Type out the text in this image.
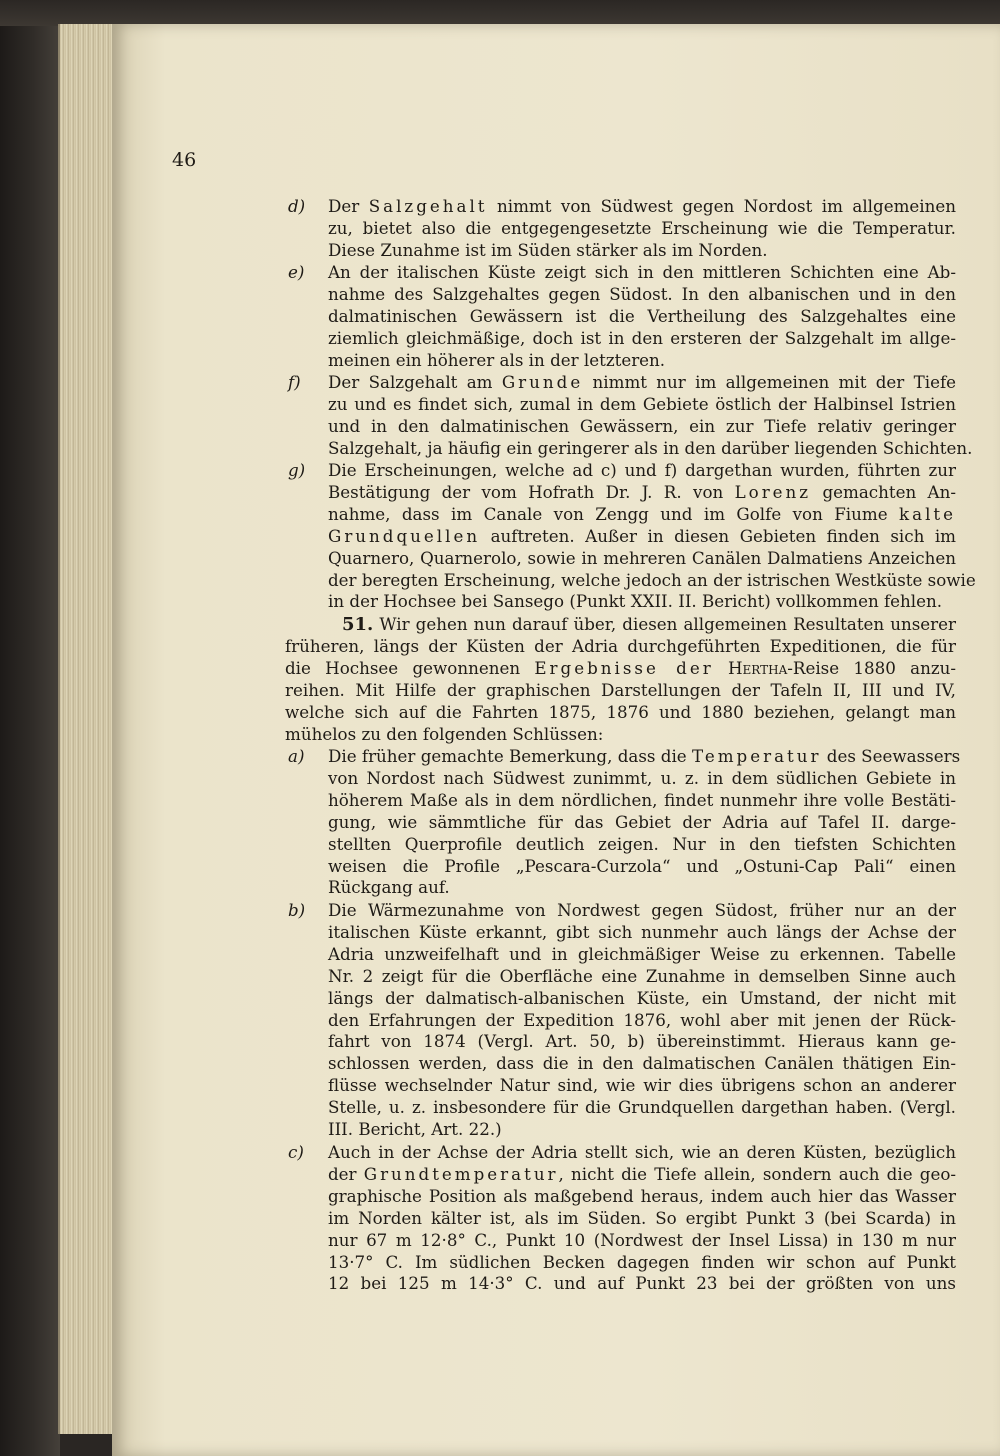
46
d)	Der Salzgehalt nimmt von Südwest gegen Nordost im allgemeinen
zu, bietet also die entgegengesetzte Erscheinung wie die Temperatur.
Diese Zunahme ist im Süden stärker als im Norden.
e)	An der italischen Küste zeigt sich in den mittleren Schichten eine Ab-
nahme des Salzgehaltes gegen Südost. In den albanischen und in den
dalmatinischen Gewässern ist die Vertheilung des Salzgehaltes eine
ziemlich gleichmäßige, doch ist in den ersteren der Salzgehalt im allge-
meinen ein höherer als in der letzteren.
f)	Der Salzgehalt am Grunde nimmt nur im allgemeinen mit der Tiefe
zu und es findet sich, zumal in dem Gebiete östlich der Halbinsel Istrien
und in den dalmatinischen Gewässern, ein zur Tiefe relativ geringer
Salzgehalt, ja häufig ein geringerer als in den darüber liegenden Schichten.
g)	Die Erscheinungen, welche ad c) und f) dargethan wurden, führten zur
Bestätigung der vom Hofrath Dr. J. R. von Lorenz gemachten An-
nahme, dass im Canale von Zengg und im Golfe von Fiume kalte
Grundquellen auftreten. Außer in diesen Gebieten finden sich im
Quarnero, Quarnerolo, sowie in mehreren Canälen Dalmatiens Anzeichen
der beregten Erscheinung, welche jedoch an der istrischen Westküste sowie
in der Hochsee bei Sansego (Punkt XXII. II. Bericht) vollkommen fehlen.
51. Wir gehen nun darauf über, diesen allgemeinen Resultaten unserer
früheren, längs der Küsten der Adria durchgeführten Expeditionen, die für
die Hochsee gewonnenen Ergebnisse der Hertha-Reise 1880 anzu-
reihen. Mit Hilfe der graphischen Darstellungen der Tafeln II, III und IV,
welche sich auf die Fahrten 1875, 1876 und 1880 beziehen, gelangt man
mühelos zu den folgenden Schlüssen:
a)	Die früher gemachte Bemerkung, dass die Temperatur des Seewassers
von Nordost nach Südwest zunimmt, u. z. in dem südlichen Gebiete in
höherem Maße als in dem nördlichen, findet nunmehr ihre volle Bestäti-
gung, wie sämmtliche für das Gebiet der Adria auf Tafel II. darge-
stellten Querprofile deutlich zeigen. Nur in den tiefsten Schichten
weisen die Profile „Pescara-Curzola“ und „Ostuni-Cap Pali“ einen
Rückgang auf.
b)	Die Wärmezunahme von Nordwest gegen Südost, früher nur an der
italischen Küste erkannt, gibt sich nunmehr auch längs der Achse der
Adria unzweifelhaft und in gleichmäßiger Weise zu erkennen. Tabelle
Nr. 2 zeigt für die Oberfläche eine Zunahme in demselben Sinne auch
längs der dalmatisch-albanischen Küste, ein Umstand, der nicht mit
den Erfahrungen der Expedition 1876, wohl aber mit jenen der Rück-
fahrt von 1874 (Vergl. Art. 50, b) übereinstimmt. Hieraus kann ge-
schlossen werden, dass die in den dalmatischen Canälen thätigen Ein-
flüsse wechselnder Natur sind, wie wir dies übrigens schon an anderer
Stelle, u. z. insbesondere für die Grundquellen dargethan haben. (Vergl.
III. Bericht, Art. 22.)
c)	Auch in der Achse der Adria stellt sich, wie an deren Küsten, bezüglich
der Grundtemperatur, nicht die Tiefe allein, sondern auch die geo-
graphische Position als maßgebend heraus, indem auch hier das Wasser
im Norden kälter ist, als im Süden. So ergibt Punkt 3 (bei Scarda) in
nur 67 m 12·8° C., Punkt 10 (Nordwest der Insel Lissa) in 130 m nur
13·7° C. Im südlichen Becken dagegen finden wir schon auf Punkt
12 bei 125 m 14·3° C. und auf Punkt 23 bei der größten von uns
